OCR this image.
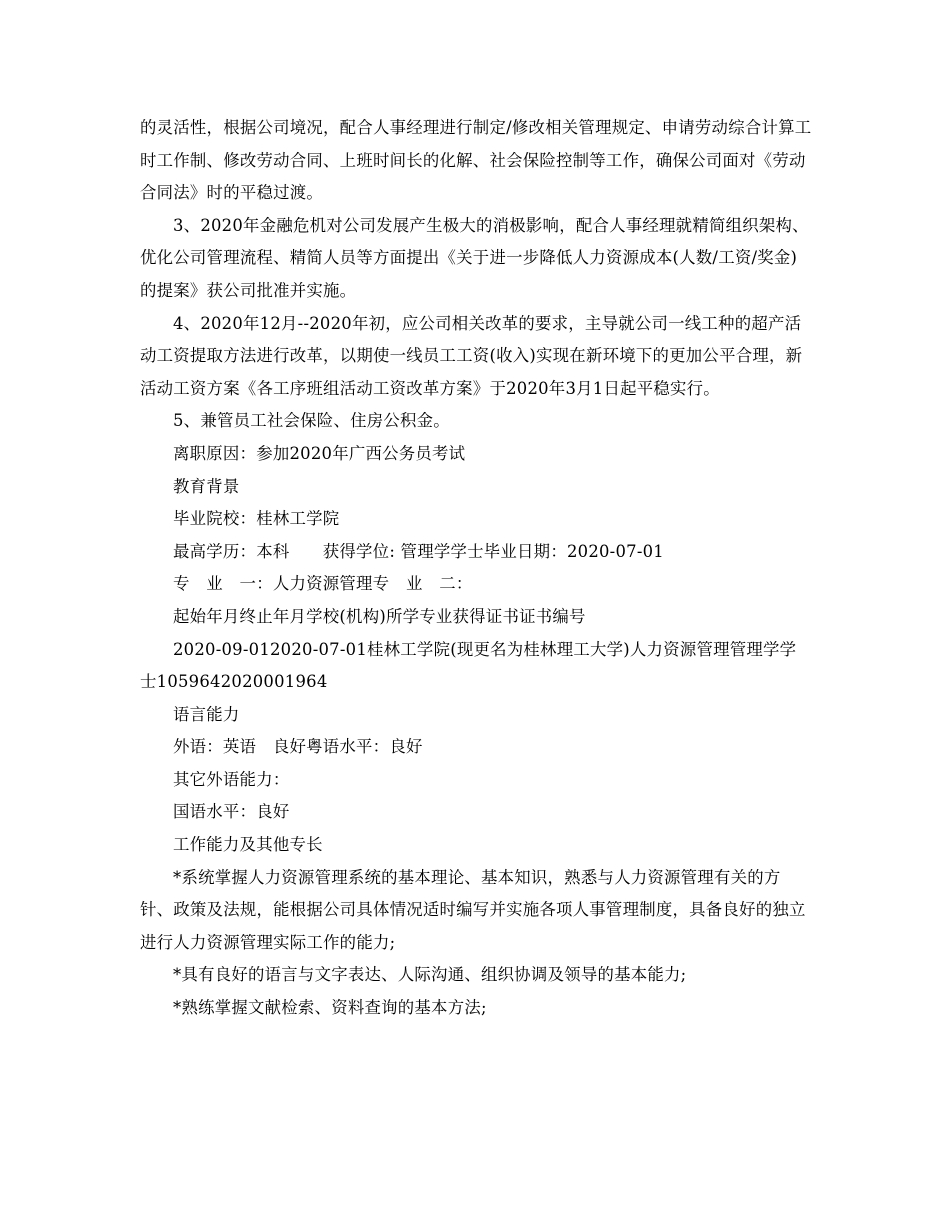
的灵活性，根据公司境况，配合人事经理进行制定/修改相关管理规定、申请劳动综合计算工时工作制、修改劳动合同、上班时间长的化解、社会保险控制等工作，确保公司面对《劳动合同法》时的平稳过渡。

3、2020年金融危机对公司发展产生极大的消极影响，配合人事经理就精简组织架构、优化公司管理流程、精简人员等方面提出《关于进一步降低人力资源成本(人数/工资/奖金)的提案》获公司批准并实施。

4、2020年12月--2020年初，应公司相关改革的要求，主导就公司一线工种的超产活动工资提取方法进行改革，以期使一线员工工资(收入)实现在新环境下的更加公平合理，新活动工资方案《各工序班组活动工资改革方案》于2020年3月1日起平稳实行。

5、兼管员工社会保险、住房公积金。

离职原因：参加2020年广西公务员考试

教育背景

毕业院校：桂林工学院

最高学历：本科　　获得学位: 管理学学士毕业日期：2020-07-01

专　业　一：人力资源管理专　业　二：

起始年月终止年月学校(机构)所学专业获得证书证书编号

2020-09-012020-07-01桂林工学院(现更名为桂林理工大学)人力资源管理管理学学士1059642020001964

语言能力

外语：英语　良好粤语水平：良好

其它外语能力：

国语水平：良好

工作能力及其他专长

*系统掌握人力资源管理系统的基本理论、基本知识，熟悉与人力资源管理有关的方针、政策及法规，能根据公司具体情况适时编写并实施各项人事管理制度，具备良好的独立进行人力资源管理实际工作的能力;

*具有良好的语言与文字表达、人际沟通、组织协调及领导的基本能力;

*熟练掌握文献检索、资料查询的基本方法;
